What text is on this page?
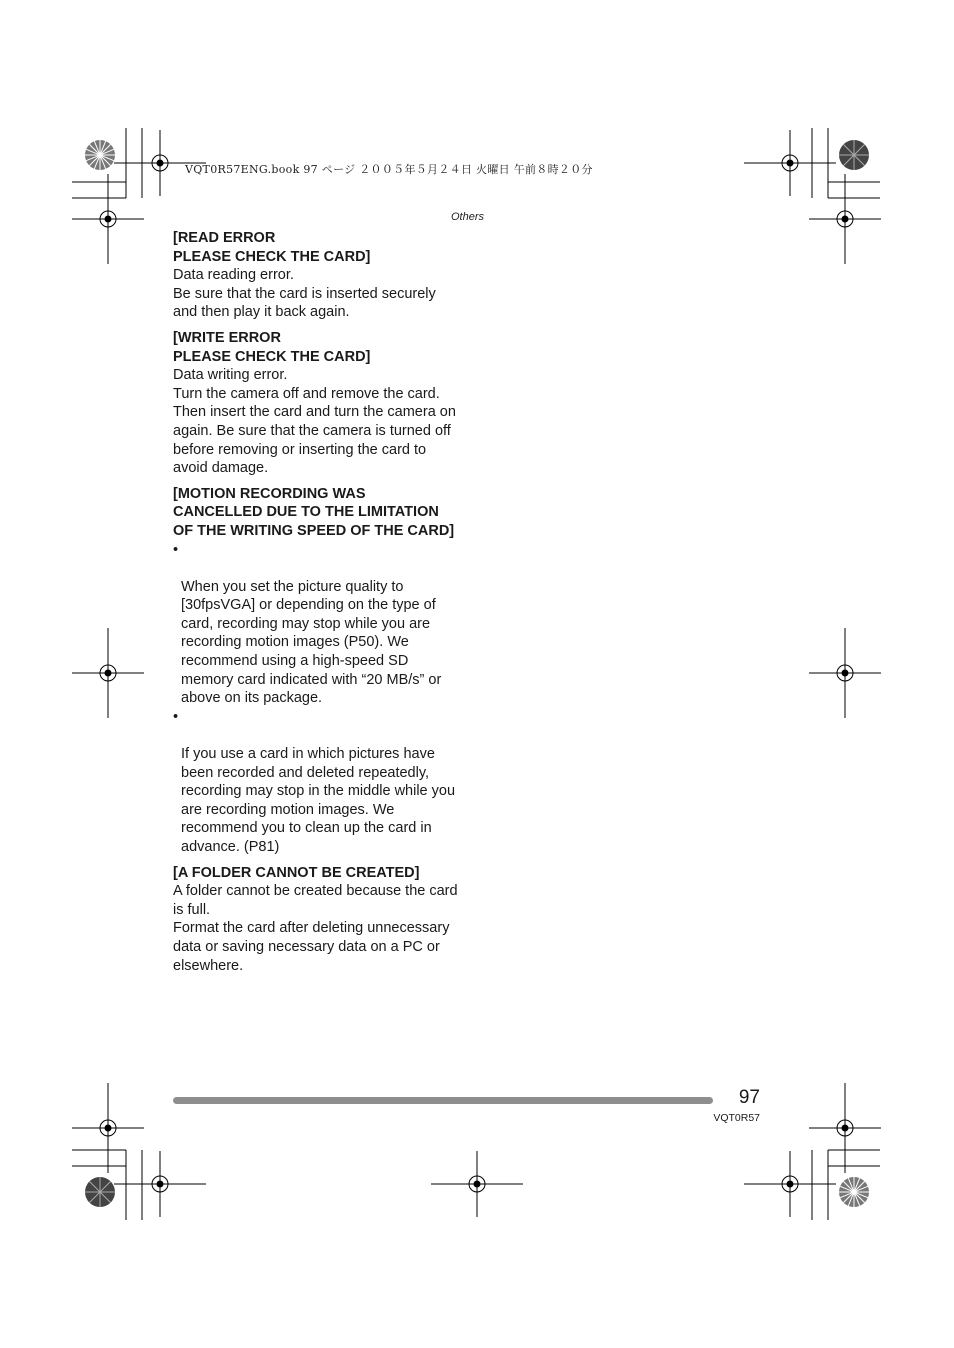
VQT0R57ENG.book 97 ページ ２００５年５月２４日 火曜日 午前８時２０分
Others
[READ ERROR
PLEASE CHECK THE CARD]
Data reading error.
Be sure that the card is inserted securely and then play it back again.
[WRITE ERROR
PLEASE CHECK THE CARD]
Data writing error.
Turn the camera off and remove the card. Then insert the card and turn the camera on again. Be sure that the camera is turned off before removing or inserting the card to avoid damage.
[MOTION RECORDING WAS CANCELLED DUE TO THE LIMITATION OF THE WRITING SPEED OF THE CARD]

•

When you set the picture quality to [30fpsVGA] or depending on the type of card, recording may stop while you are recording motion images (P50). We recommend using a high-speed SD memory card indicated with “20 MB/s” or above on its package.

•

If you use a card in which pictures have been recorded and deleted repeatedly, recording may stop in the middle while you are recording motion images. We recommend you to clean up the card in advance. (P81)

[A FOLDER CANNOT BE CREATED]
A folder cannot be created because the card is full.
Format the card after deleting unnecessary data or saving necessary data on a PC or elsewhere.
97
VQT0R57
